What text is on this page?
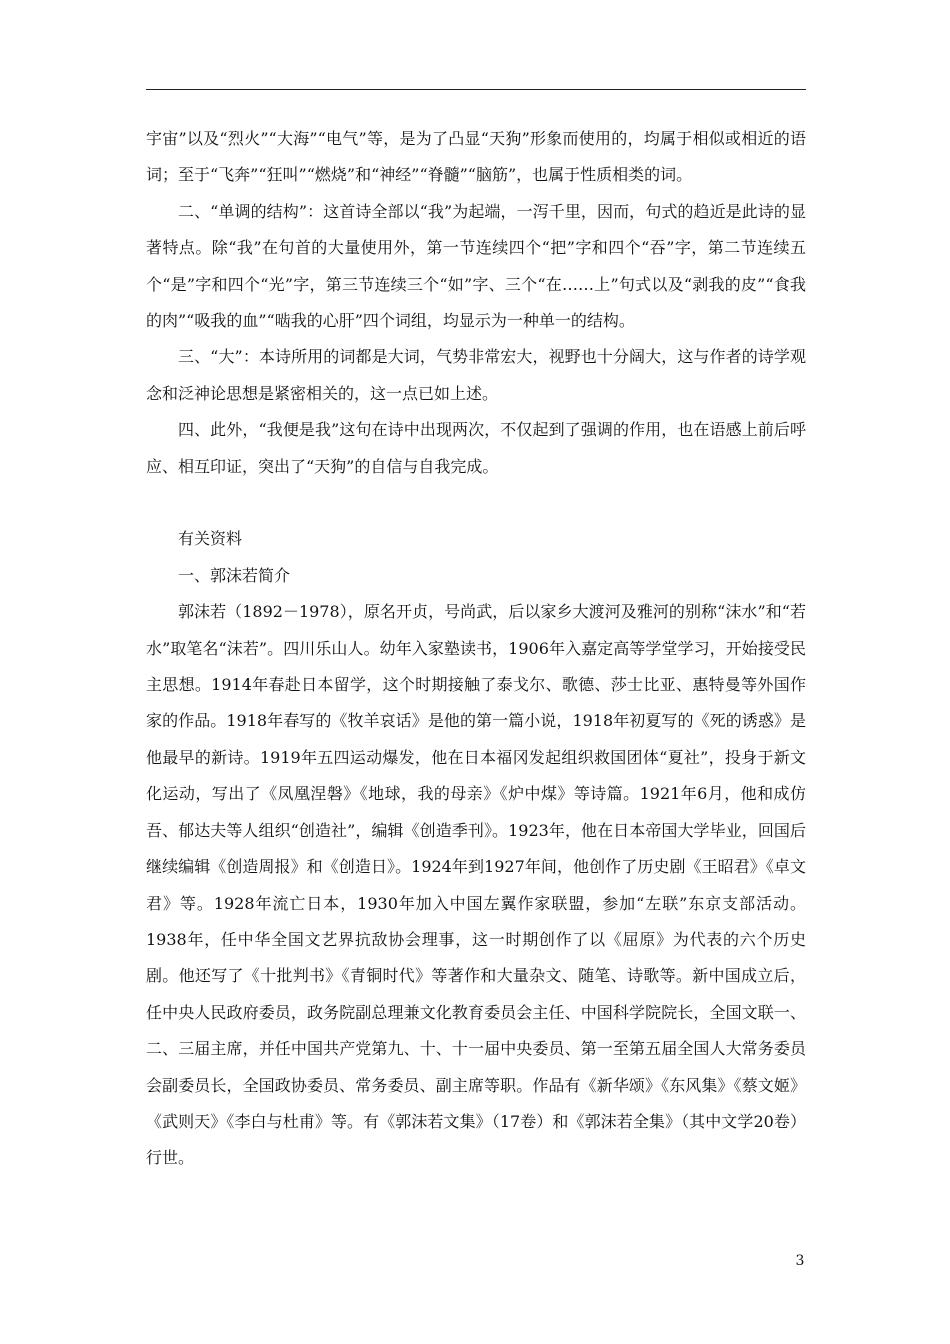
宇宙”以及“烈火”“大海”“电气”等，是为了凸显“天狗”形象而使用的，均属于相似或相近的语词；至于“飞奔”“狂叫”“燃烧”和“神经”“脊髓”“脑筋”，也属于性质相类的词。

二、“单调的结构”：这首诗全部以“我”为起端，一泻千里，因而，句式的趋近是此诗的显著特点。除“我”在句首的大量使用外，第一节连续四个“把”字和四个“吞”字，第二节连续五个“是”字和四个“光”字，第三节连续三个“如”字、三个“在……上”句式以及“剥我的皮”“食我的肉”“吸我的血”“啮我的心肝”四个词组，均显示为一种单一的结构。

三、“大”：本诗所用的词都是大词，气势非常宏大，视野也十分阔大，这与作者的诗学观念和泛神论思想是紧密相关的，这一点已如上述。

四、此外，“我便是我”这句在诗中出现两次，不仅起到了强调的作用，也在语感上前后呼应、相互印证，突出了“天狗”的自信与自我完成。

有关资料

一、郭沫若简介

郭沫若（1892－1978），原名开贞，号尚武，后以家乡大渡河及雅河的别称“沫水”和“若水”取笔名“沫若”。四川乐山人。幼年入家塾读书，1906年入嘉定高等学堂学习，开始接受民主思想。1914年春赴日本留学，这个时期接触了泰戈尔、歌德、莎士比亚、惠特曼等外国作家的作品。1918年春写的《牧羊哀话》是他的第一篇小说，1918年初夏写的《死的诱惑》是他最早的新诗。1919年五四运动爆发，他在日本福冈发起组织救国团体“夏社”，投身于新文化运动，写出了《凤凰涅磐》《地球，我的母亲》《炉中煤》等诗篇。1921年6月，他和成仿吾、郁达夫等人组织“创造社”，编辑《创造季刊》。1923年，他在日本帝国大学毕业，回国后继续编辑《创造周报》和《创造日》。1924年到1927年间，他创作了历史剧《王昭君》《卓文君》等。1928年流亡日本，1930年加入中国左翼作家联盟，参加“左联”东京支部活动。1938年，任中华全国文艺界抗敌协会理事，这一时期创作了以《屈原》为代表的六个历史剧。他还写了《十批判书》《青铜时代》等著作和大量杂文、随笔、诗歌等。新中国成立后，任中央人民政府委员，政务院副总理兼文化教育委员会主任、中国科学院院长，全国文联一、二、三届主席，并任中国共产党第九、十、十一届中央委员、第一至第五届全国人大常务委员会副委员长，全国政协委员、常务委员、副主席等职。作品有《新华颂》《东风集》《蔡文姬》《武则天》《李白与杜甫》等。有《郭沫若文集》（17卷）和《郭沫若全集》（其中文学20卷）行世。

3
